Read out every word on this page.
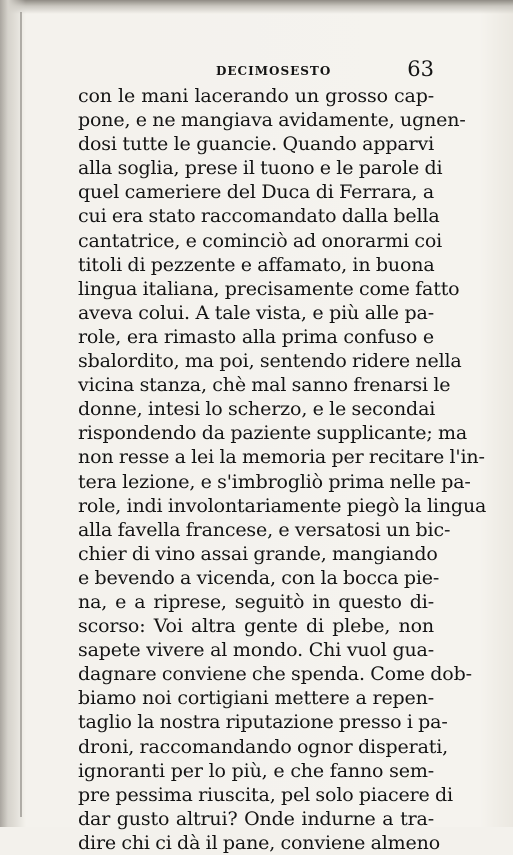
DECIMOSESTO	63
con le mani lacerando un grosso cap-
pone, e ne mangiava avidamente, ugnen-
dosi tutte le guancie. Quando apparvi
alla soglia, prese il tuono e le parole di
quel cameriere del Duca di Ferrara, a
cui era stato raccomandato dalla bella
cantatrice, e cominciò ad onorarmi coi
titoli di pezzente e affamato, in buona
lingua italiana, precisamente come fatto
aveva colui. A tale vista, e più alle pa-
role, era rimasto alla prima confuso e
sbalordito, ma poi, sentendo ridere nella
vicina stanza, chè mal sanno frenarsi le
donne, intesi lo scherzo, e le secondai
rispondendo da paziente supplicante; ma
non resse a lei la memoria per recitare l'in-
tera lezione, e s'imbrogliò prima nelle pa-
role, indi involontariamente piegò la lingua
alla favella francese, e versatosi un bic-
chier di vino assai grande, mangiando
e bevendo a vicenda, con la bocca pie-
na, e a riprese, seguitò in questo di-
scorso: Voi altra gente di plebe, non
sapete vivere al mondo. Chi vuol gua-
dagnare conviene che spenda. Come dob-
biamo noi cortigiani mettere a repen-
taglio la nostra riputazione presso i pa-
droni, raccomandando ognor disperati,
ignoranti per lo più, e che fanno sem-
pre pessima riuscita, pel solo piacere di
dar gusto altrui? Onde indurne a tra-
dire chi ci dà il pane, conviene almeno
